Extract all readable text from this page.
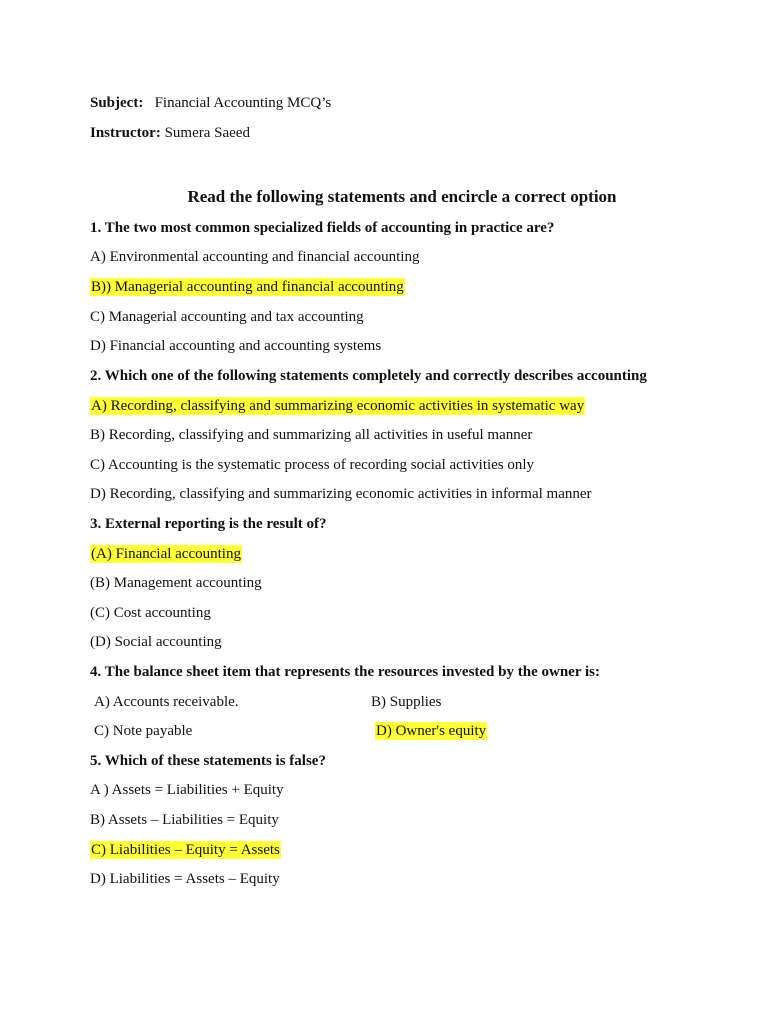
Subject: Financial Accounting MCQ’s
Instructor: Sumera Saeed
Read the following statements and encircle a correct option
1. The two most common specialized fields of accounting in practice are?
A) Environmental accounting and financial accounting
B)) Managerial accounting and financial accounting
C) Managerial accounting and tax accounting
D) Financial accounting and accounting systems
2. Which one of the following statements completely and correctly describes accounting
A) Recording, classifying and summarizing economic activities in systematic way
B) Recording, classifying and summarizing all activities in useful manner
C) Accounting is the systematic process of recording social activities only
D) Recording, classifying and summarizing economic activities in informal manner
3. External reporting is the result of?
(A) Financial accounting
(B) Management accounting
(C) Cost accounting
(D) Social accounting
4. The balance sheet item that represents the resources invested by the owner is:
A) Accounts receivable.	B) Supplies
C) Note payable	D) Owner's equity
5. Which of these statements is false?
A ) Assets = Liabilities + Equity
B) Assets – Liabilities = Equity
C) Liabilities – Equity = Assets
D) Liabilities = Assets – Equity
